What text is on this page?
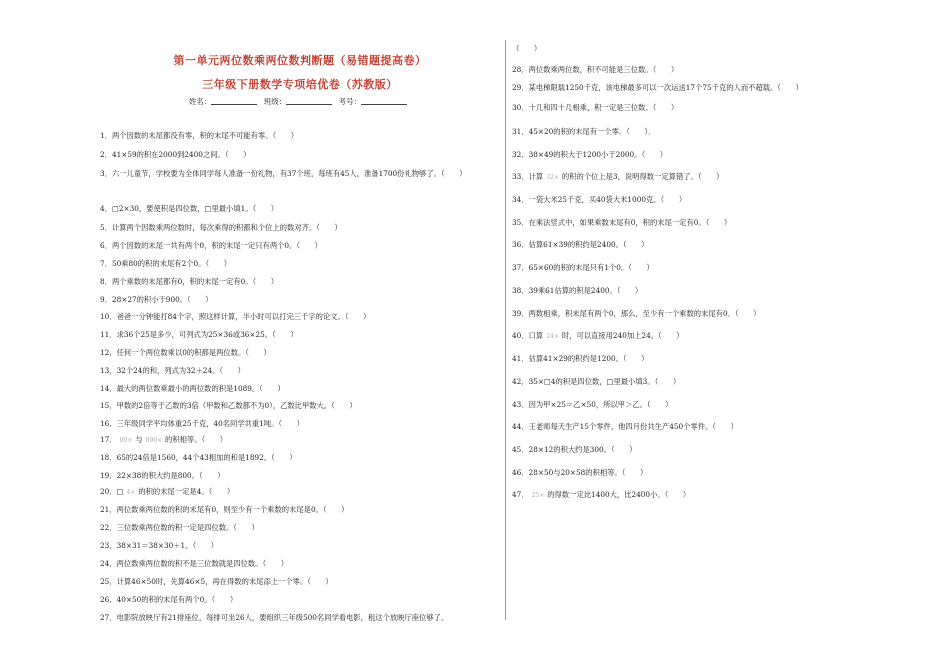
第一单元两位数乘两位数判断题（易错题提高卷）
三年级下册数学专项培优卷（苏教版）
姓名：	班级：	考号：
1．两个因数的末尾都没有零，积的末尾不可能有零。（　　）
2．41×59的积在2000到2400之间。（　　）
3．六一儿童节，学校要为全体同学每人准备一份礼物，有37个班，每班有45人，准备1700份礼物够了。（　　）
4．□2×30，要使积是四位数，□里最小填1。（　　）
5．计算两个因数乘两位数时，每次乘得的积都和个位上的数对齐。（　　）
6．两个因数的末尾一共有两个0，积的末尾一定只有两个0。（　　）
7．50乘80的积的末尾有2个0。（　　）
8．两个乘数的末尾都有0，积的末尾一定有0。（　　）
9．28×27的积小于900。（　　）
10．爸爸一分钟能打84个字，照这样计算，半小时可以打完三千字的论文。（　　）
11．求36个25是多少，可列式为25×36或36×25。（　　）
12．任何一个两位数乘以0的积都是两位数。（　　）
13．32个24的和，列式为32＋24。（　　）
14．最大的两位数乘最小的两位数的积是1089。（　　）
15．甲数的2倍等于乙数的3倍（甲数和乙数都不为0），乙数比甲数大。（　　）
16．三年级同学平均体重25千克，40名同学共重1吨。（　　）
17． 89× 与 890× 的积相等。（　　）
18．65的24倍是1560，44个43相加的和是1892。（　　）
19．22×38的积大约是800。（　　）
20．□ 4× 的积的末尾一定是4。（　　）
21．两位数乘两位数的积的末尾有0，则至少有一个乘数的末尾是0。（　　）
22．三位数乘两位数的积一定是四位数。（　　）
23．38×31＝38×30＋1。（　　）
24．两位数乘两位数的积不是三位数就是四位数。（　　）
25．计算46×50时，先算46×5，再在得数的末尾添上一个零。（　　）
26．40×50的积的末尾有两个0。（　　）
27．电影院放映厅有21排座位，每排可坐26人，要组织三年级500名同学看电影，租这个放映厅座位够了。
（　　）
28．两位数乘两位数，积不可能是三位数。（　　）
29．某电梯限载1250千克，该电梯最多可以一次运送17个75千克的人而不超载。（　　）
30．十几和四十几相乘，积一定是三位数。（　　）
31．45×20的积的末尾有一个零．（　　）．
32．38×49的积大于1200小于2000。（　　）
33．计算 32× 的积的个位上是3，说明得数一定算错了。（　　）
34．一袋大米25千克，买40袋大米1000克。（　　）
35．在乘法竖式中，如果乘数末尾有0，积的末尾一定有0。（　　）
36．估算61×39的积约是2400。（　　）
37．65×60的积的末尾只有1个0。（　　）
38．39乘61估算的积是2400。（　　）
39．两数相乘，积末尾有两个0，那么，至少有一个乘数的末尾有0．（　　）
40．口算 24× 时，可以直接用240加上24。（　　）
41．估算41×29的积约是1200。（　　）
42．35×□4的积是四位数，□里最小填3。（　　）
43．因为甲×25＝乙×50，所以甲＞乙。（　　）
44．王老师每天生产15个零件，他四月份共生产450个零件。（　　）
45．28×12的积大约是300。（　　）
46．28×50与20×58的积相等。（　　）
47． 25× 的得数一定比1400大，比2400小。（　　）
